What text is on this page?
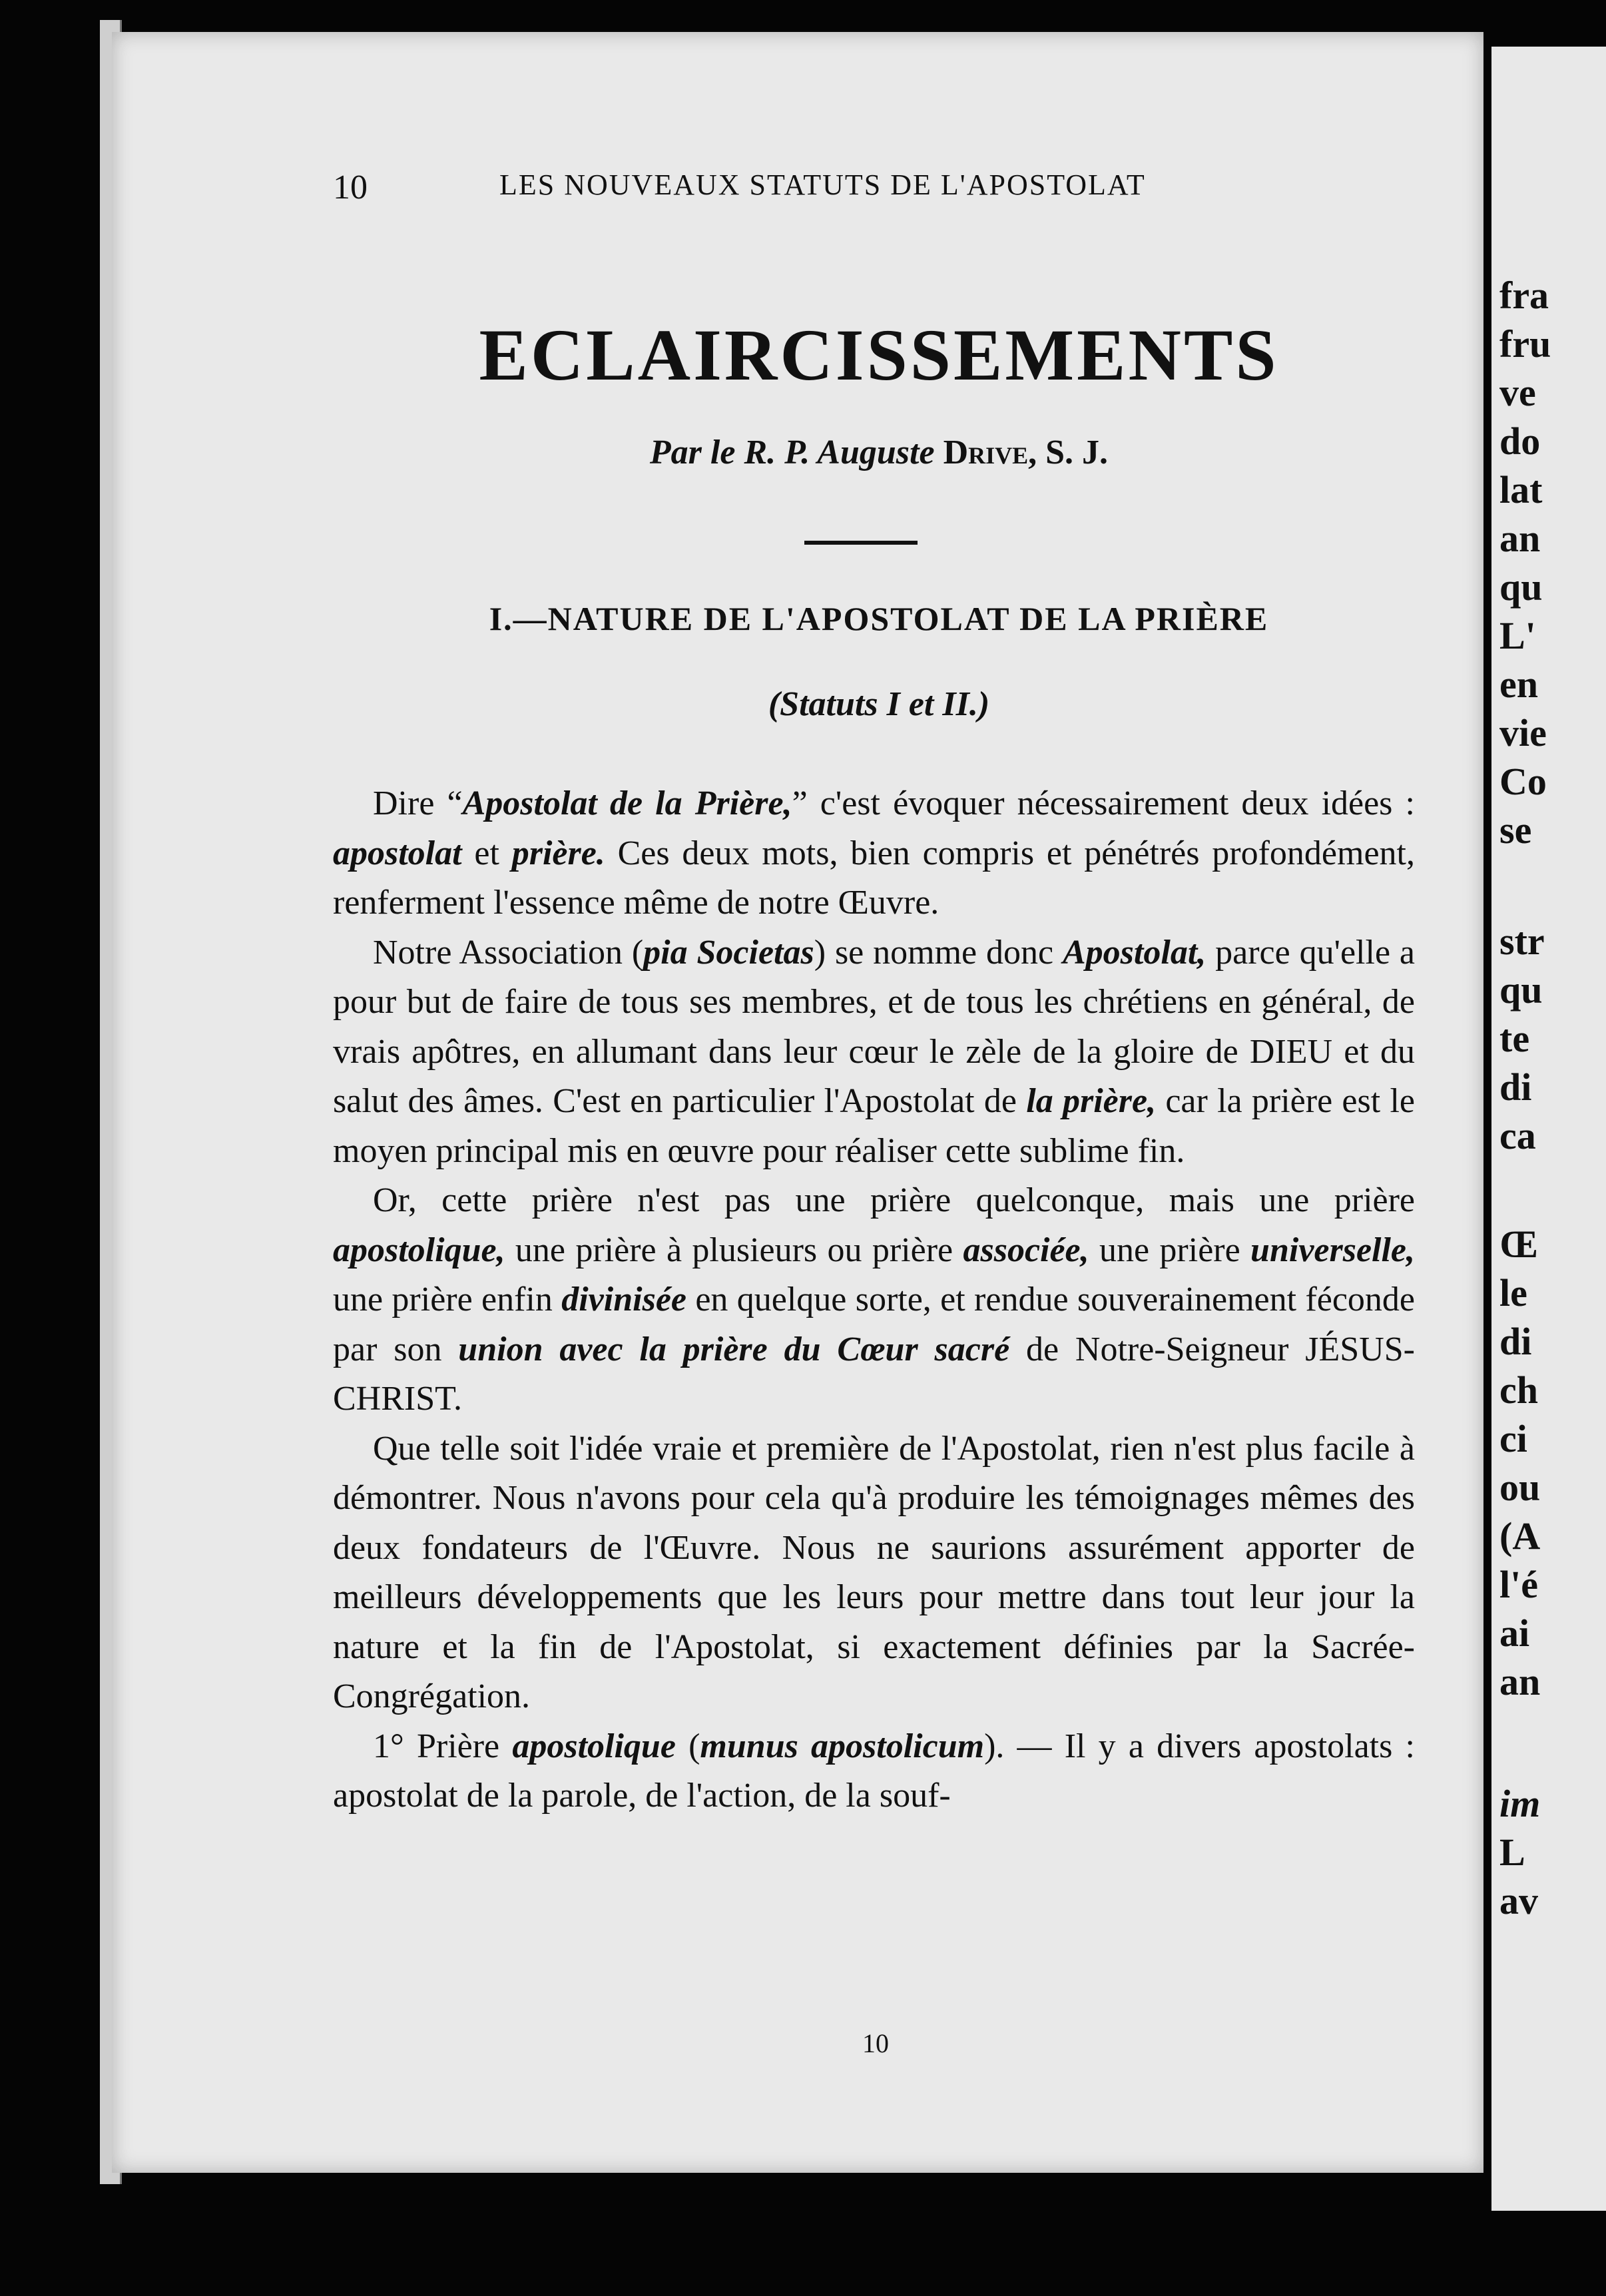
fra
fru
ve
do
lat
an
qu
L'
en
vie
Co
se
str
qu
te
di
ca
Œ
le
di
ch
ci
ou
(A
l'é
ai
an
im
L
av
10	LES NOUVEAUX STATUTS DE L'APOSTOLAT
ECLAIRCISSEMENTS
Par le R. P. Auguste Drive, S. J.
I.—NATURE DE L'APOSTOLAT DE LA PRIÈRE
(Statuts I et II.)

Dire “Apostolat de la Prière,” c'est évoquer nécessairement deux idées : apostolat et prière. Ces deux mots, bien compris et pénétrés profondément, renferment l'essence même de notre Œuvre.

Notre Association (pia Societas) se nomme donc Apostolat, parce qu'elle a pour but de faire de tous ses membres, et de tous les chrétiens en général, de vrais apôtres, en allumant dans leur cœur le zèle de la gloire de DIEU et du salut des âmes. C'est en particulier l'Apostolat de la prière, car la prière est le moyen principal mis en œuvre pour réaliser cette sublime fin.

Or, cette prière n'est pas une prière quelconque, mais une prière apostolique, une prière à plusieurs ou prière associée, une prière universelle, une prière enfin divinisée en quelque sorte, et rendue souverainement féconde par son union avec la prière du Cœur sacré de Notre-Seigneur JÉSUS-CHRIST.

Que telle soit l'idée vraie et première de l'Apostolat, rien n'est plus facile à démontrer. Nous n'avons pour cela qu'à produire les témoignages mêmes des deux fondateurs de l'Œuvre. Nous ne saurions assurément apporter de meilleurs développements que les leurs pour mettre dans tout leur jour la nature et la fin de l'Apostolat, si exactement définies par la Sacrée-Congrégation.

1° Prière apostolique (munus apostolicum). — Il y a divers apostolats : apostolat de la parole, de l'action, de la souf-

10
